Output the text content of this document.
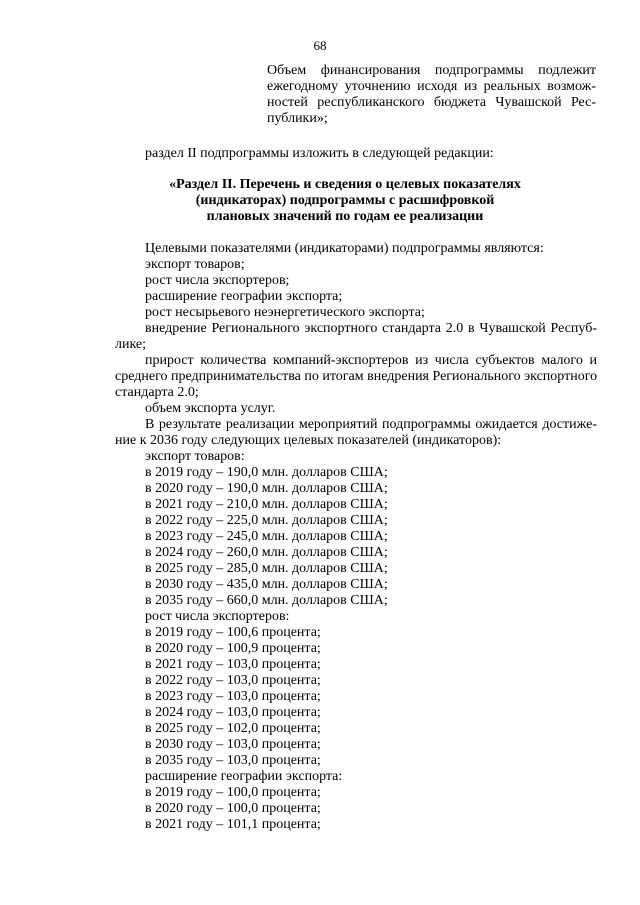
68
Объем финансирования подпрограммы подлежит
ежегодному уточнению исходя из реальных возмож-
ностей республиканского бюджета Чувашской Рес-
публики»;
раздел II подпрограммы изложить в следующей редакции:
«Раздел II. Перечень и сведения о целевых показателях
(индикаторах) подпрограммы с расшифровкой
плановых значений по годам ее реализации
Целевыми показателями (индикаторами) подпрограммы являются:
экспорт товаров;
рост числа экспортеров;
расширение географии экспорта;
рост несырьевого неэнергетического экспорта;
внедрение Регионального экспортного стандарта 2.0 в Чувашской Респуб-
лике;
прирост количества компаний-экспортеров из числа субъектов малого и
среднего предпринимательства по итогам внедрения Регионального экспортного
стандарта 2.0;
объем экспорта услуг.
В результате реализации мероприятий подпрограммы ожидается достиже-
ние к 2036 году следующих целевых показателей (индикаторов):
экспорт товаров:
в 2019 году – 190,0 млн. долларов США;
в 2020 году – 190,0 млн. долларов США;
в 2021 году – 210,0 млн. долларов США;
в 2022 году – 225,0 млн. долларов США;
в 2023 году – 245,0 млн. долларов США;
в 2024 году – 260,0 млн. долларов США;
в 2025 году – 285,0 млн. долларов США;
в 2030 году – 435,0 млн. долларов США;
в 2035 году – 660,0 млн. долларов США;
рост числа экспортеров:
в 2019 году – 100,6 процента;
в 2020 году – 100,9 процента;
в 2021 году – 103,0 процента;
в 2022 году – 103,0 процента;
в 2023 году – 103,0 процента;
в 2024 году – 103,0 процента;
в 2025 году – 102,0 процента;
в 2030 году – 103,0 процента;
в 2035 году – 103,0 процента;
расширение географии экспорта:
в 2019 году – 100,0 процента;
в 2020 году – 100,0 процента;
в 2021 году – 101,1 процента;
